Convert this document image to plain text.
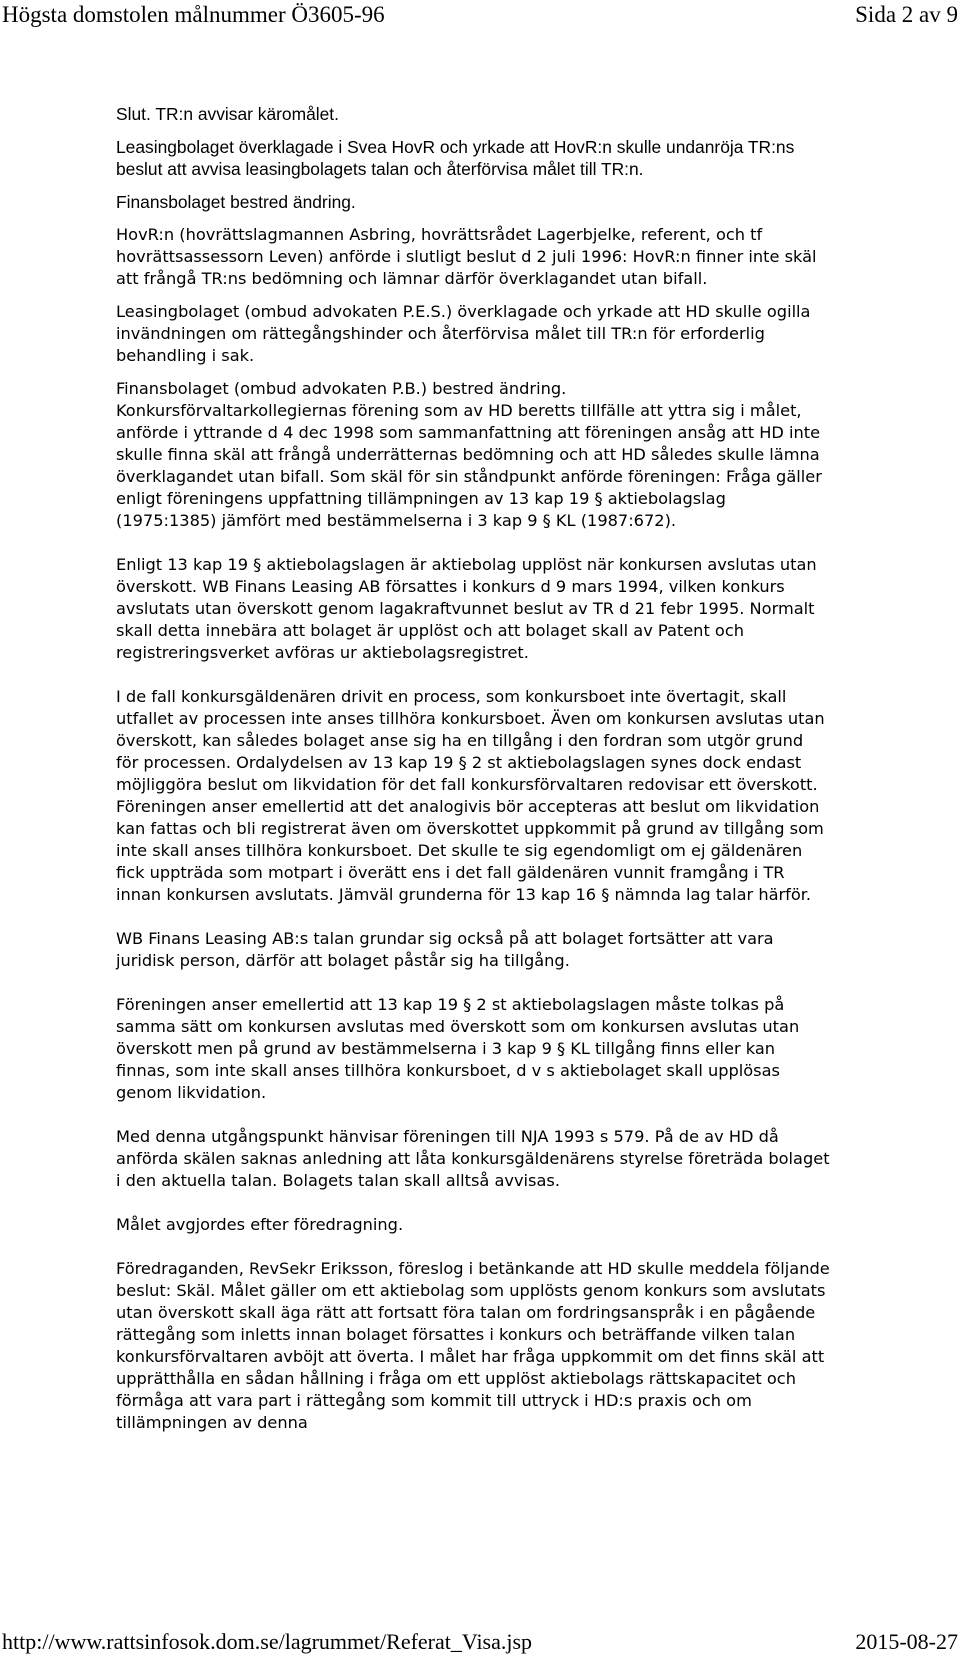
Högsta domstolen målnummer Ö3605-96	Sida 2 av 9

Slut. TR:n avvisar käromålet.

Leasingbolaget överklagade i Svea HovR och yrkade att HovR:n skulle undanröja TR:ns beslut att avvisa leasingbolagets talan och återförvisa målet till TR:n.

Finansbolaget bestred ändring.

HovR:n (hovrättslagmannen Asbring, hovrättsrådet Lagerbjelke, referent, och tf hovrättsassessorn Leven) anförde i slutligt beslut d 2 juli 1996: HovR:n finner inte skäl att frångå TR:ns bedömning och lämnar därför överklagandet utan bifall.

Leasingbolaget (ombud advokaten P.E.S.) överklagade och yrkade att HD skulle ogilla invändningen om rättegångshinder och återförvisa målet till TR:n för erforderlig behandling i sak.

Finansbolaget (ombud advokaten P.B.) bestred ändring.

Konkursförvaltarkollegiernas förening som av HD beretts tillfälle att yttra sig i målet, anförde i yttrande d 4 dec 1998 som sammanfattning att föreningen ansåg att HD inte skulle finna skäl att frångå underrätternas bedömning och att HD således skulle lämna överklagandet utan bifall. Som skäl för sin ståndpunkt anförde föreningen: Fråga gäller enligt föreningens uppfattning tillämpningen av 13 kap 19 § aktiebolagslag (1975:1385) jämfört med bestämmelserna i 3 kap 9 § KL (1987:672).

Enligt 13 kap 19 § aktiebolagslagen är aktiebolag upplöst när konkursen avslutas utan överskott. WB Finans Leasing AB försattes i konkurs d 9 mars 1994, vilken konkurs avslutats utan överskott genom lagakraftvunnet beslut av TR d 21 febr 1995. Normalt skall detta innebära att bolaget är upplöst och att bolaget skall av Patent och registreringsverket avföras ur aktiebolagsregistret.

I de fall konkursgäldenären drivit en process, som konkursboet inte övertagit, skall utfallet av processen inte anses tillhöra konkursboet. Även om konkursen avslutas utan överskott, kan således bolaget anse sig ha en tillgång i den fordran som utgör grund för processen. Ordalydelsen av 13 kap 19 § 2 st aktiebolagslagen synes dock endast möjliggöra beslut om likvidation för det fall konkursförvaltaren redovisar ett överskott. Föreningen anser emellertid att det analogivis bör accepteras att beslut om likvidation kan fattas och bli registrerat även om överskottet uppkommit på grund av tillgång som inte skall anses tillhöra konkursboet. Det skulle te sig egendomligt om ej gäldenären fick uppträda som motpart i överätt ens i det fall gäldenären vunnit framgång i TR innan konkursen avslutats. Jämväl grunderna för 13 kap 16 § nämnda lag talar härför.

WB Finans Leasing AB:s talan grundar sig också på att bolaget fortsätter att vara juridisk person, därför att bolaget påstår sig ha tillgång.

Föreningen anser emellertid att 13 kap 19 § 2 st aktiebolagslagen måste tolkas på samma sätt om konkursen avslutas med överskott som om konkursen avslutas utan överskott men på grund av bestämmelserna i 3 kap 9 § KL tillgång finns eller kan finnas, som inte skall anses tillhöra konkursboet, d v s aktiebolaget skall upplösas genom likvidation.

Med denna utgångspunkt hänvisar föreningen till NJA 1993 s 579. På de av HD då anförda skälen saknas anledning att låta konkursgäldenärens styrelse företräda bolaget i den aktuella talan. Bolagets talan skall alltså avvisas.

Målet avgjordes efter föredragning.

Föredraganden, RevSekr Eriksson, föreslog i betänkande att HD skulle meddela följande beslut: Skäl. Målet gäller om ett aktiebolag som upplösts genom konkurs som avslutats utan överskott skall äga rätt att fortsatt föra talan om fordringsanspråk i en pågående rättegång som inletts innan bolaget försattes i konkurs och beträffande vilken talan konkursförvaltaren avböjt att överta. I målet har fråga uppkommit om det finns skäl att upprätthålla en sådan hållning i fråga om ett upplöst aktiebolags rättskapacitet och förmåga att vara part i rättegång som kommit till uttryck i HD:s praxis och om tillämpningen av denna

http://www.rattsinfosok.dom.se/lagrummet/Referat_Visa.jsp	2015-08-27
